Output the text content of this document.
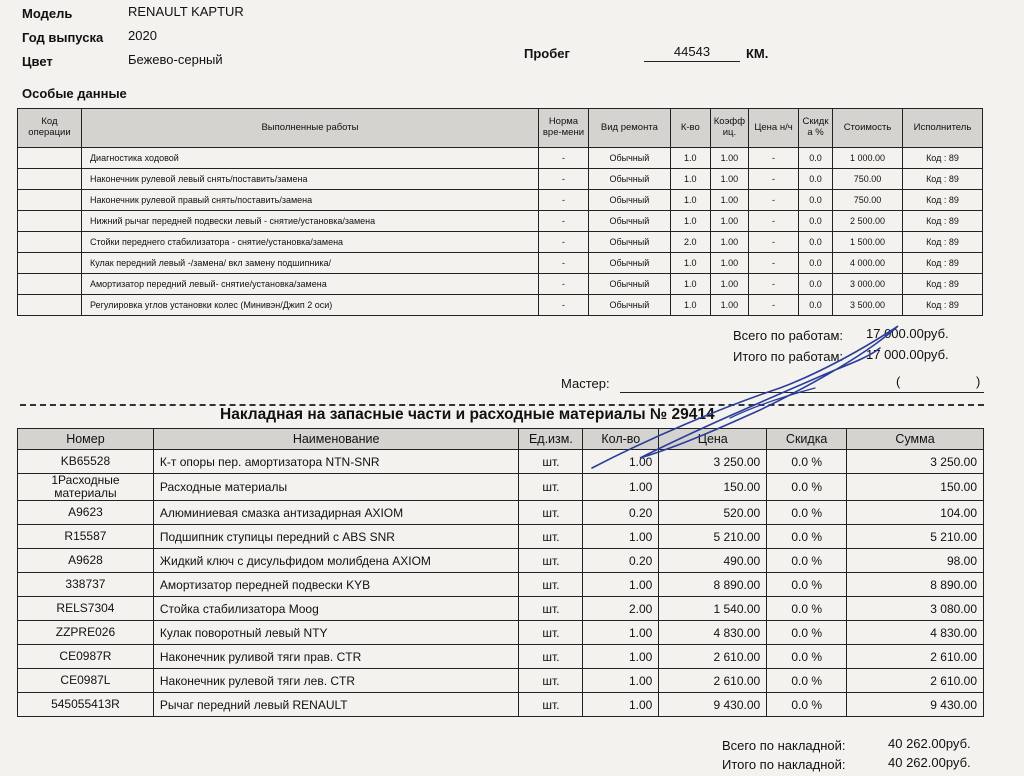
Модель	RENAULT KAPTUR
Год выпуска 2020
Цвет	Бежево-серный	Пробег	44543	КМ.
Особые данные
Код операции	Выполненные работы	Норма вре-мени	Вид ремонта	К-во	Коэфф иц.	Цена н/ч	Скидк а %	Стоимость	Исполнитель
	Диагностика ходовой	-	Обычный	1.0	1.00	-	0.0	1 000.00	Код : 89
	Наконечник рулевой левый снять/поставить/замена	-	Обычный	1.0	1.00	-	0.0	750.00	Код : 89
	Наконечник рулевой правый снять/поставить/замена	-	Обычный	1.0	1.00	-	0.0	750.00	Код : 89
	Нижний рычаг передней подвески левый - снятие/установка/замена	-	Обычный	1.0	1.00	-	0.0	2 500.00	Код : 89
	Стойки переднего стабилизатора - снятие/установка/замена	-	Обычный	2.0	1.00	-	0.0	1 500.00	Код : 89
	Кулак передний левый -/замена/ вкл замену подшипника/	-	Обычный	1.0	1.00	-	0.0	4 000.00	Код : 89
	Амортизатор передний левый- снятие/установка/замена	-	Обычный	1.0	1.00	-	0.0	3 000.00	Код : 89
	Регулировка углов установки колес (Минивэн/Джип 2 оси)	-	Обычный	1.0	1.00	-	0.0	3 500.00	Код : 89
Всего по работам: 17 000.00руб.
Итого по работам: 17 000.00руб.
Мастер:	(	)
Накладная на запасные части и расходные материалы № 29414
Номер	Наименование	Ед.изм.	Кол-во	Цена	Скидка	Сумма
KB65528	К-т опоры пер. амортизатора NTN-SNR	шт.	1.00	3 250.00	0.0 %	3 250.00
1Расходные материалы	Расходные материалы	шт.	1.00	150.00	0.0 %	150.00
A9623	Алюминиевая смазка антизадирная AXIOM	шт.	0.20	520.00	0.0 %	104.00
R15587	Подшипник ступицы передний с ABS SNR	шт.	1.00	5 210.00	0.0 %	5 210.00
A9628	Жидкий ключ с дисульфидом молибдена AXIOM	шт.	0.20	490.00	0.0 %	98.00
338737	Амортизатор передней подвески KYB	шт.	1.00	8 890.00	0.0 %	8 890.00
RELS7304	Стойка стабилизатора Moog	шт.	2.00	1 540.00	0.0 %	3 080.00
ZZPRE026	Кулак поворотный левый NTY	шт.	1.00	4 830.00	0.0 %	4 830.00
CE0987R	Наконечник руливой тяги прав. CTR	шт.	1.00	2 610.00	0.0 %	2 610.00
CE0987L	Наконечник рулевой тяги лев. CTR	шт.	1.00	2 610.00	0.0 %	2 610.00
545055413R	Рычаг передний левый RENAULT	шт.	1.00	9 430.00	0.0 %	9 430.00
Всего по накладной:	40 262.00руб.
Итого по накладной:	40 262.00руб.
